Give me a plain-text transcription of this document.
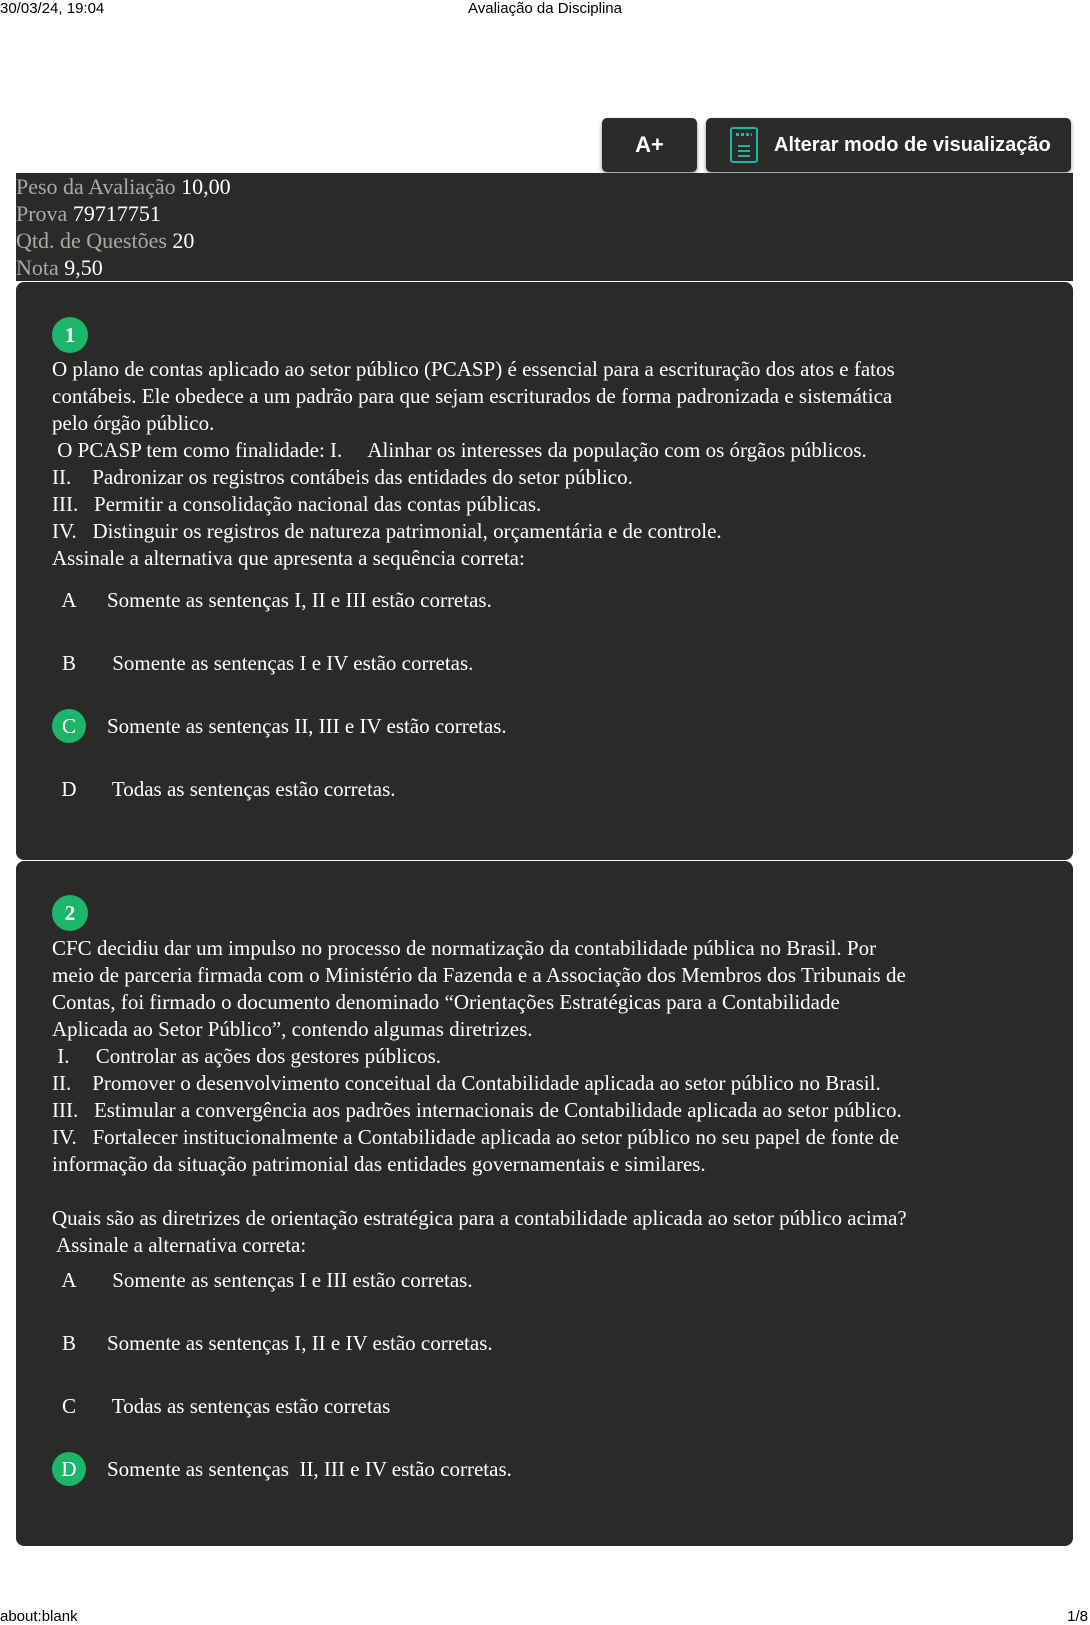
30/03/24, 19:04	Avaliação da Disciplina
about:blank	1/8
A+	Alterar modo de visualização
Peso da Avaliação 10,00
Prova 79717751
Qtd. de Questões 20
Nota 9,50
1

O plano de contas aplicado ao setor público (PCASP) é essencial para a escrituração dos atos e fatos

contábeis. Ele obedece a um padrão para que sejam escriturados de forma padronizada e sistemática

pelo órgão público.

O PCASP tem como finalidade: I.     Alinhar os interesses da população com os órgãos públicos.

II.    Padronizar os registros contábeis das entidades do setor público.

III.   Permitir a consolidação nacional das contas públicas.

IV.   Distinguir os registros de natureza patrimonial, orçamentária e de controle.

Assinale a alternativa que apresenta a sequência correta:

A	Somente as sentenças I, II e III estão corretas.
B	Somente as sentenças I e IV estão corretas.
C	Somente as sentenças II, III e IV estão corretas.
D	Todas as sentenças estão corretas.
2

CFC decidiu dar um impulso no processo de normatização da contabilidade pública no Brasil. Por

meio de parceria firmada com o Ministério da Fazenda e a Associação dos Membros dos Tribunais de

Contas, foi firmado o documento denominado “Orientações Estratégicas para a Contabilidade

Aplicada ao Setor Público”, contendo algumas diretrizes.

I.     Controlar as ações dos gestores públicos.

II.    Promover o desenvolvimento conceitual da Contabilidade aplicada ao setor público no Brasil.

III.   Estimular a convergência aos padrões internacionais de Contabilidade aplicada ao setor público.

IV.   Fortalecer institucionalmente a Contabilidade aplicada ao setor público no seu papel de fonte de

informação da situação patrimonial das entidades governamentais e similares.

Quais são as diretrizes de orientação estratégica para a contabilidade aplicada ao setor público acima?

Assinale a alternativa correta:

A	Somente as sentenças I e III estão corretas.
B	Somente as sentenças I, II e IV estão corretas.
C	Todas as sentenças estão corretas
D	Somente as sentenças  II, III e IV estão corretas.
